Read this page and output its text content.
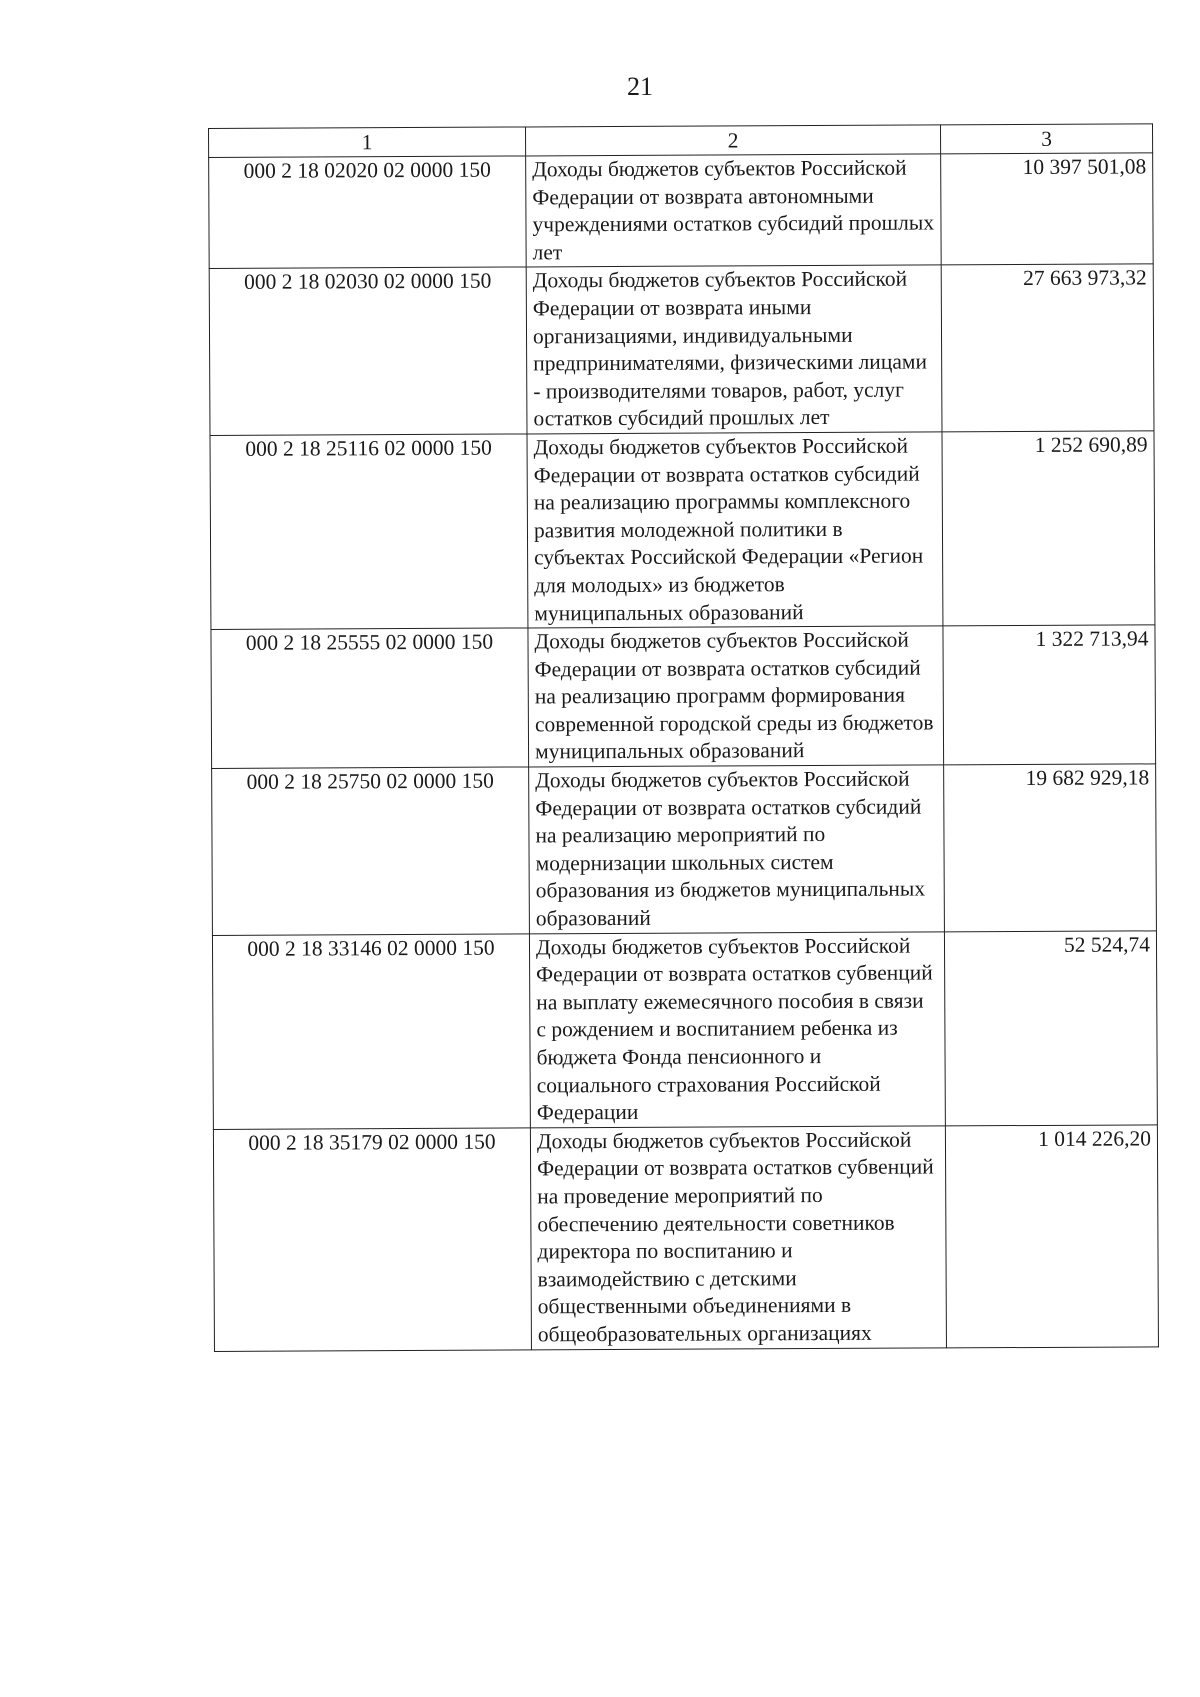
21
1	2	3
000 2 18 02020 02 0000 150	Доходы бюджетов субъектов Российской Федерации от возврата автономными учреждениями остатков субсидий прошлых лет	10 397 501,08
000 2 18 02030 02 0000 150	Доходы бюджетов субъектов Российской Федерации от возврата иными организациями, индивидуальными предпринимателями, физическими лицами - производителями товаров, работ, услуг остатков субсидий прошлых лет	27 663 973,32
000 2 18 25116 02 0000 150	Доходы бюджетов субъектов Российской Федерации от возврата остатков субсидий на реализацию программы комплексного развития молодежной политики в субъектах Российской Федерации «Регион для молодых» из бюджетов муниципальных образований	1 252 690,89
000 2 18 25555 02 0000 150	Доходы бюджетов субъектов Российской Федерации от возврата остатков субсидий на реализацию программ формирования современной городской среды из бюджетов муниципальных образований	1 322 713,94
000 2 18 25750 02 0000 150	Доходы бюджетов субъектов Российской Федерации от возврата остатков субсидий на реализацию мероприятий по модернизации школьных систем образования из бюджетов муниципальных образований	19 682 929,18
000 2 18 33146 02 0000 150	Доходы бюджетов субъектов Российской Федерации от возврата остатков субвенций на выплату ежемесячного пособия в связи с рождением и воспитанием ребенка из бюджета Фонда пенсионного и социального страхования Российской Федерации	52 524,74
000 2 18 35179 02 0000 150	Доходы бюджетов субъектов Российской Федерации от возврата остатков субвенций на проведение мероприятий по обеспечению деятельности советников директора по воспитанию и взаимодействию с детскими общественными объединениями в общеобразовательных организациях	1 014 226,20
